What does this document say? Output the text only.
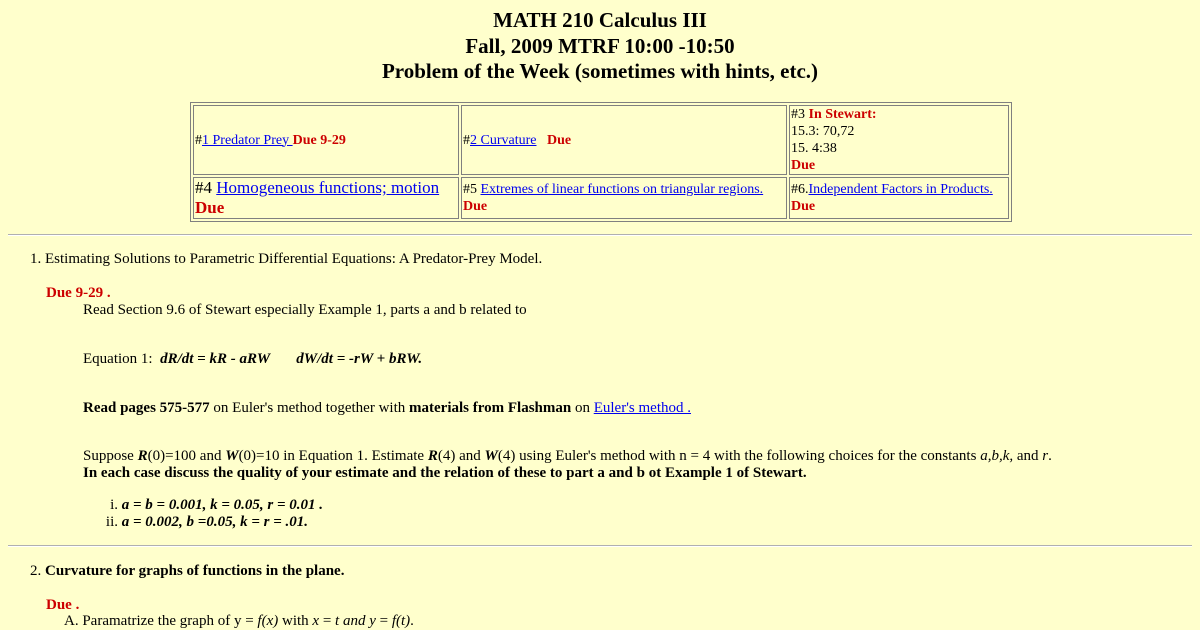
MATH 210 Calculus III
Fall, 2009 MTRF 10:00 -10:50
Problem of the Week (sometimes with hints, etc.)
#1 Predator Prey Due 9-29	#2 Curvature Due	#3 In Stewart:
15.3: 70,72
15. 4:38
Due
#4 Homogeneous functions; motion
Due	#5 Extremes of linear functions on triangular regions.
Due	#6.Independent Factors in Products.
Due
1. Estimating Solutions to Parametric Differential Equations: A Predator-Prey Model.
Due 9-29 .
Read Section 9.6 of Stewart especially Example 1, parts a and b related to
Equation 1: dR/dt = kR - aRW dW/dt = -rW + bRW.
Read pages 575-577 on Euler's method together with materials from Flashman on Euler's method .
Suppose R(0)=100 and W(0)=10 in Equation 1. Estimate R(4) and W(4) using Euler's method with n = 4 with the following choices for the constants a,b,k, and r.
In each case discuss the quality of your estimate and the relation of these to part a and b ot Example 1 of Stewart.
i. a = b = 0.001, k = 0.05, r = 0.01 .
ii. a = 0.002, b =0.05, k = r = .01.
2. Curvature for graphs of functions in the plane.
Due .
A. Paramatrize the graph of y = f(x) with x = t and y = f(t).
